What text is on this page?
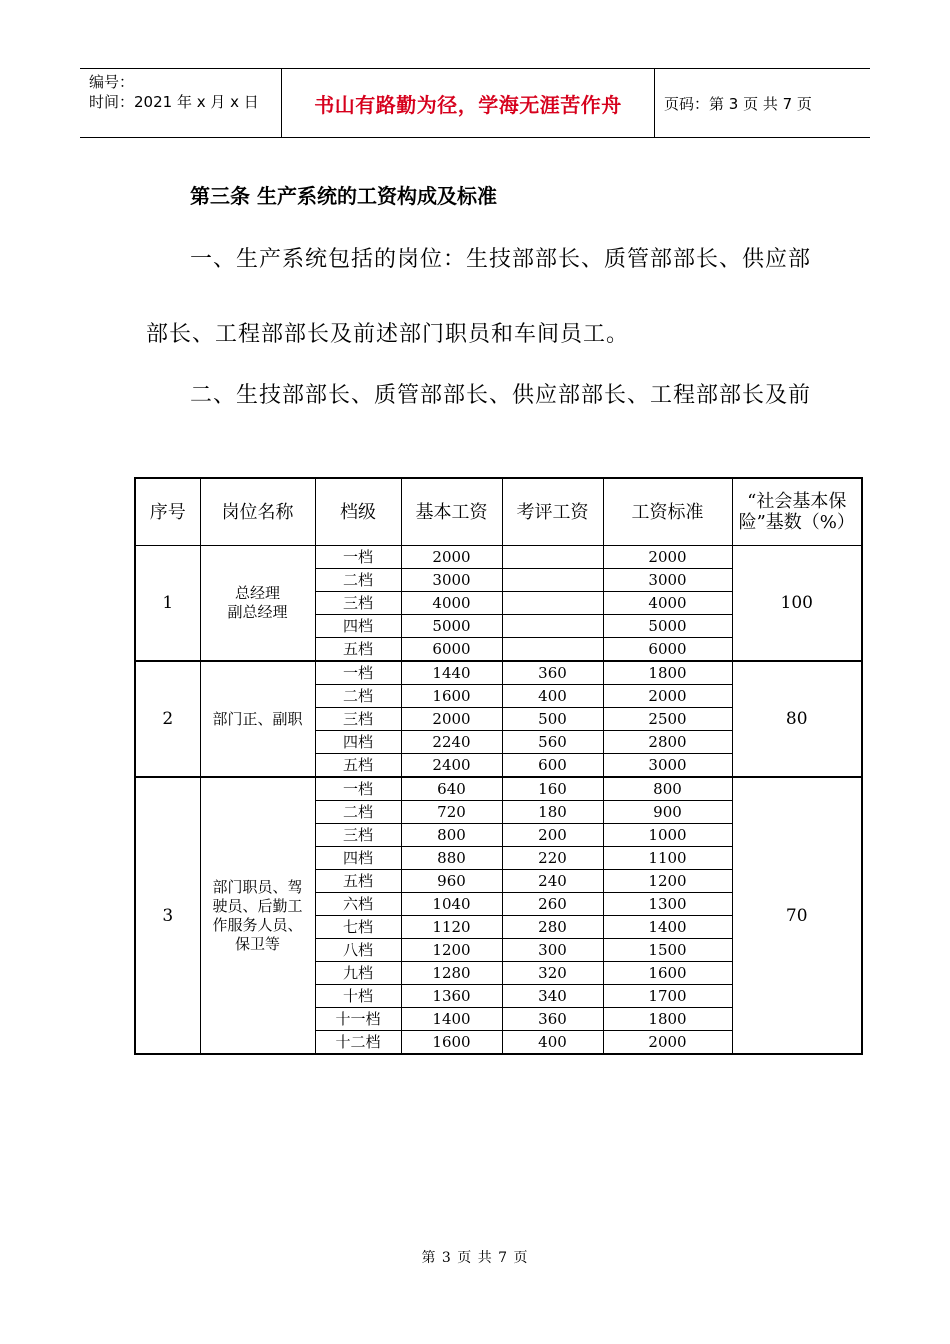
编号：
时间：2021 年 x 月 x 日	书山有路勤为径，学海无涯苦作舟	页码：第 3 页 共 7 页
第三条 生产系统的工资构成及标准
一、生产系统包括的岗位：生技部部长、质管部部长、供应部
部长、工程部部长及前述部门职员和车间员工。
二、生技部部长、质管部部长、供应部部长、工程部部长及前
序号	岗位名称	档级	基本工资	考评工资	工资标准	“社会基本保险”基数（%）
1	总经理
副总经理	一档	2000		2000	100
		二档	3000		3000	
		三档	4000		4000	
		四档	5000		5000	
		五档	6000		6000	
2	部门正、副职	一档	1440	360	1800	80
		二档	1600	400	2000	
		三档	2000	500	2500	
		四档	2240	560	2800	
		五档	2400	600	3000	
3	部门职员、驾驶员、后勤工作服务人员、保卫等	一档	640	160	800	70
		二档	720	180	900	
		三档	800	200	1000	
		四档	880	220	1100	
		五档	960	240	1200	
		六档	1040	260	1300	
		七档	1120	280	1400	
		八档	1200	300	1500	
		九档	1280	320	1600	
		十档	1360	340	1700	
		十一档	1400	360	1800	
		十二档	1600	400	2000	
第 3 页 共 7 页
